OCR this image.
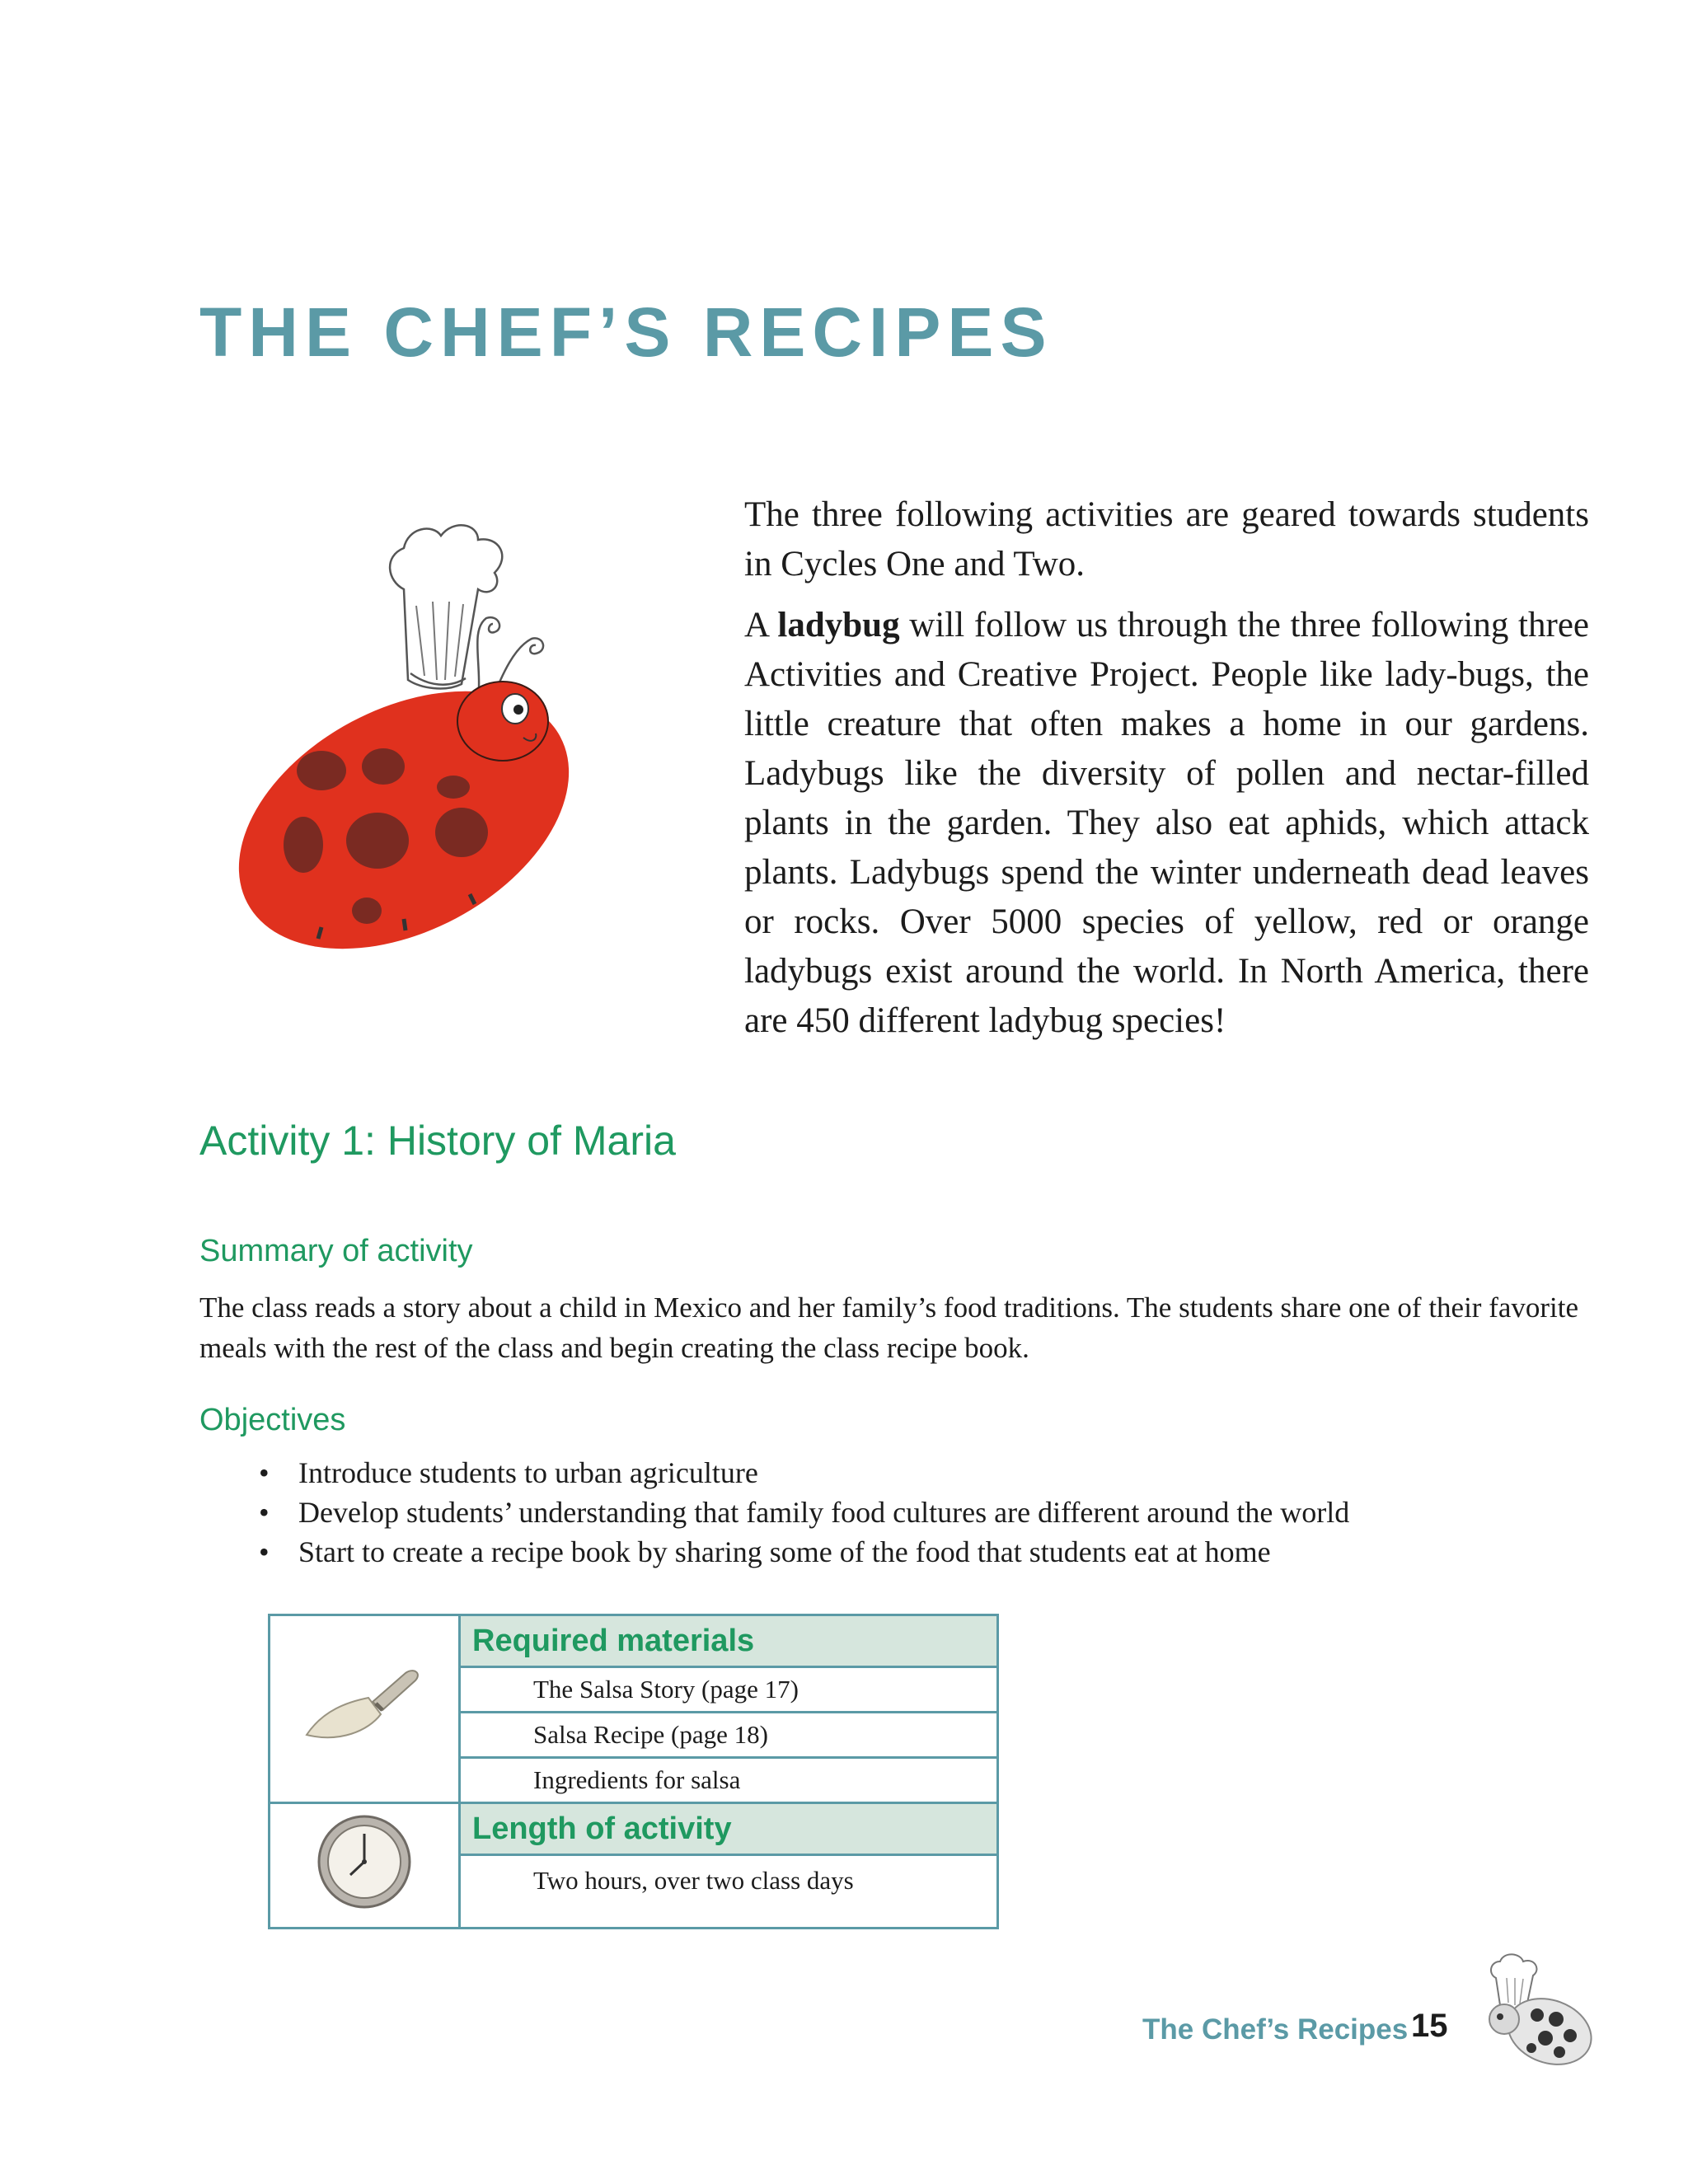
THE CHEF’S RECIPES

The three following activities are geared towards students in Cycles One and Two.

A ladybug will follow us through the three following three Activities and Creative Project. People like lady-bugs, the little creature that often makes a home in our gardens. Ladybugs like the diversity of pollen and nectar-filled plants in the garden. They also eat aphids, which attack plants. Ladybugs spend the winter underneath dead leaves or rocks. Over 5000 species of yellow, red or orange ladybugs exist around the world. In North America, there are 450 different ladybug species!

Activity 1: History of Maria
Summary of activity

The class reads a story about a child in Mexico and her family’s food traditions. The students share one of their favorite meals with the rest of the class and begin creating the class recipe book.

Objectives
• Introduce students to urban agriculture
• Develop students’ understanding that family food cultures are different around the world
• Start to create a recipe book by sharing some of the food that students eat at home
	Required materials
	The Salsa Story (page 17)
	Salsa Recipe (page 18)
	Ingredients for salsa
	Length of activity
	Two hours, over two class days
The Chef’s Recipes 15
